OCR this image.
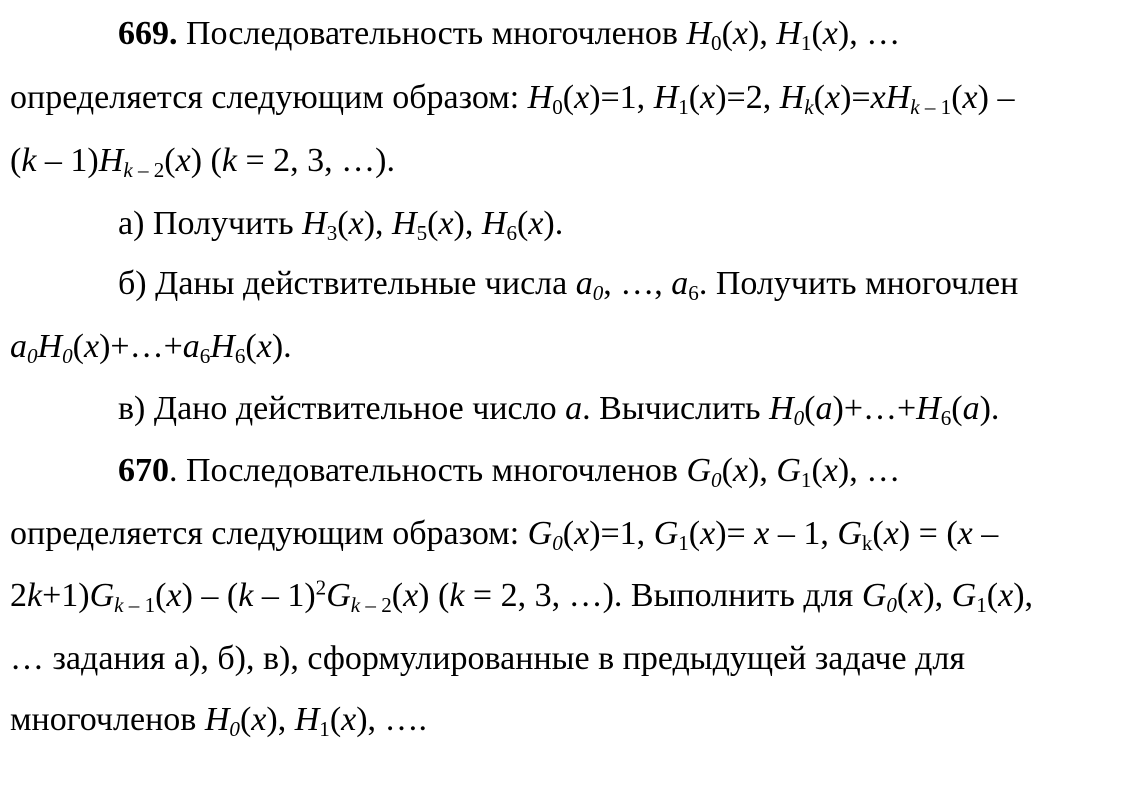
669. Последовательность многочленов $H_0(x)$, $H_1(x)$, …
определяется следующим образом: $H_0(x)=1$, $H_1(x)=2$, $H_k(x)=xH_k$ $_{- 1}$(x) –
$(k - 1)H_k$ $_{- 2}$(x) (k = 2, 3, …).
а) Получить $H_3(x)$, $H_5(x)$, $H_6(x)$.
б) Даны действительные числа $a_0$, …, $a_6$. Получить многочлен
$a_0H_0(x)+\dots+a_6H_6(x)$.
в) Дано действительное число a. Вычислить $H_0(a)+\dots+H_6(a)$.
670. Последовательность многочленов $G_0(x)$, $G_1(x)$, …
определяется следующим образом: $G_0(x)=1$, $G_1(x)= x - 1$, $G_k(x) = (x$ –
$2k+1)G_k$ $_{- 1}(x) - (k - 1)^2G_k$ $_{- 2}$(x) (k = 2, 3, …). Выполнить для $G_0(x)$, $G_1(x)$,
… задания а), б), в), сформулированные в предыдущей задаче для
многочленов $H_0(x)$, $H_1(x)$, ….
